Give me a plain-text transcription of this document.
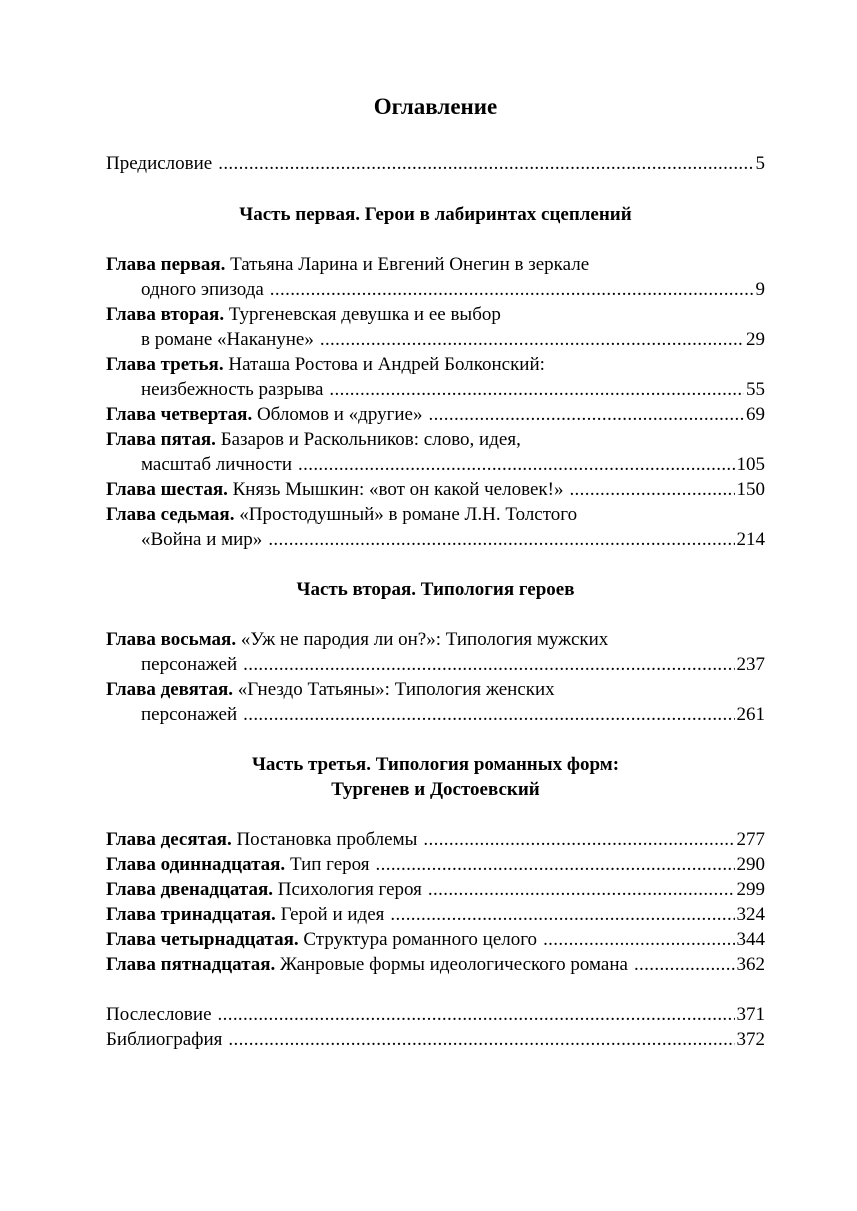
Оглавление
Предисловие . . .	5
Часть первая. Герои в лабиринтах сцеплений
Глава первая. Татьяна Ларина и Евгений Онегин в зеркале
одного эпизода . . .	9
Глава вторая. Тургеневская девушка и ее выбор
в романе «Накануне» . . .	29
Глава третья. Наташа Ростова и Андрей Болконский:
неизбежность разрыва . . .	55
Глава четвертая. Обломов и «другие» . . .	69
Глава пятая. Базаров и Раскольников: слово, идея,
масштаб личности . . .	105
Глава шестая. Князь Мышкин: «вот он какой человек!» . . .	150
Глава седьмая. «Простодушный» в романе Л.Н. Толстого
«Война и мир» . . .	214
Часть вторая. Типология героев
Глава восьмая. «Уж не пародия ли он?»: Типология мужских
персонажей . . .	237
Глава девятая. «Гнездо Татьяны»: Типология женских
персонажей . . .	261
Часть третья. Типология романных форм:
Тургенев и Достоевский
Глава десятая. Постановка проблемы . . .	277
Глава одиннадцатая. Тип героя . . .	290
Глава двенадцатая. Психология героя . . .	299
Глава тринадцатая. Герой и идея . . .	324
Глава четырнадцатая. Структура романного целого . . .	344
Глава пятнадцатая. Жанровые формы идеологического романа . . .	362
Послесловие . . .	371
Библиография . . .	372
